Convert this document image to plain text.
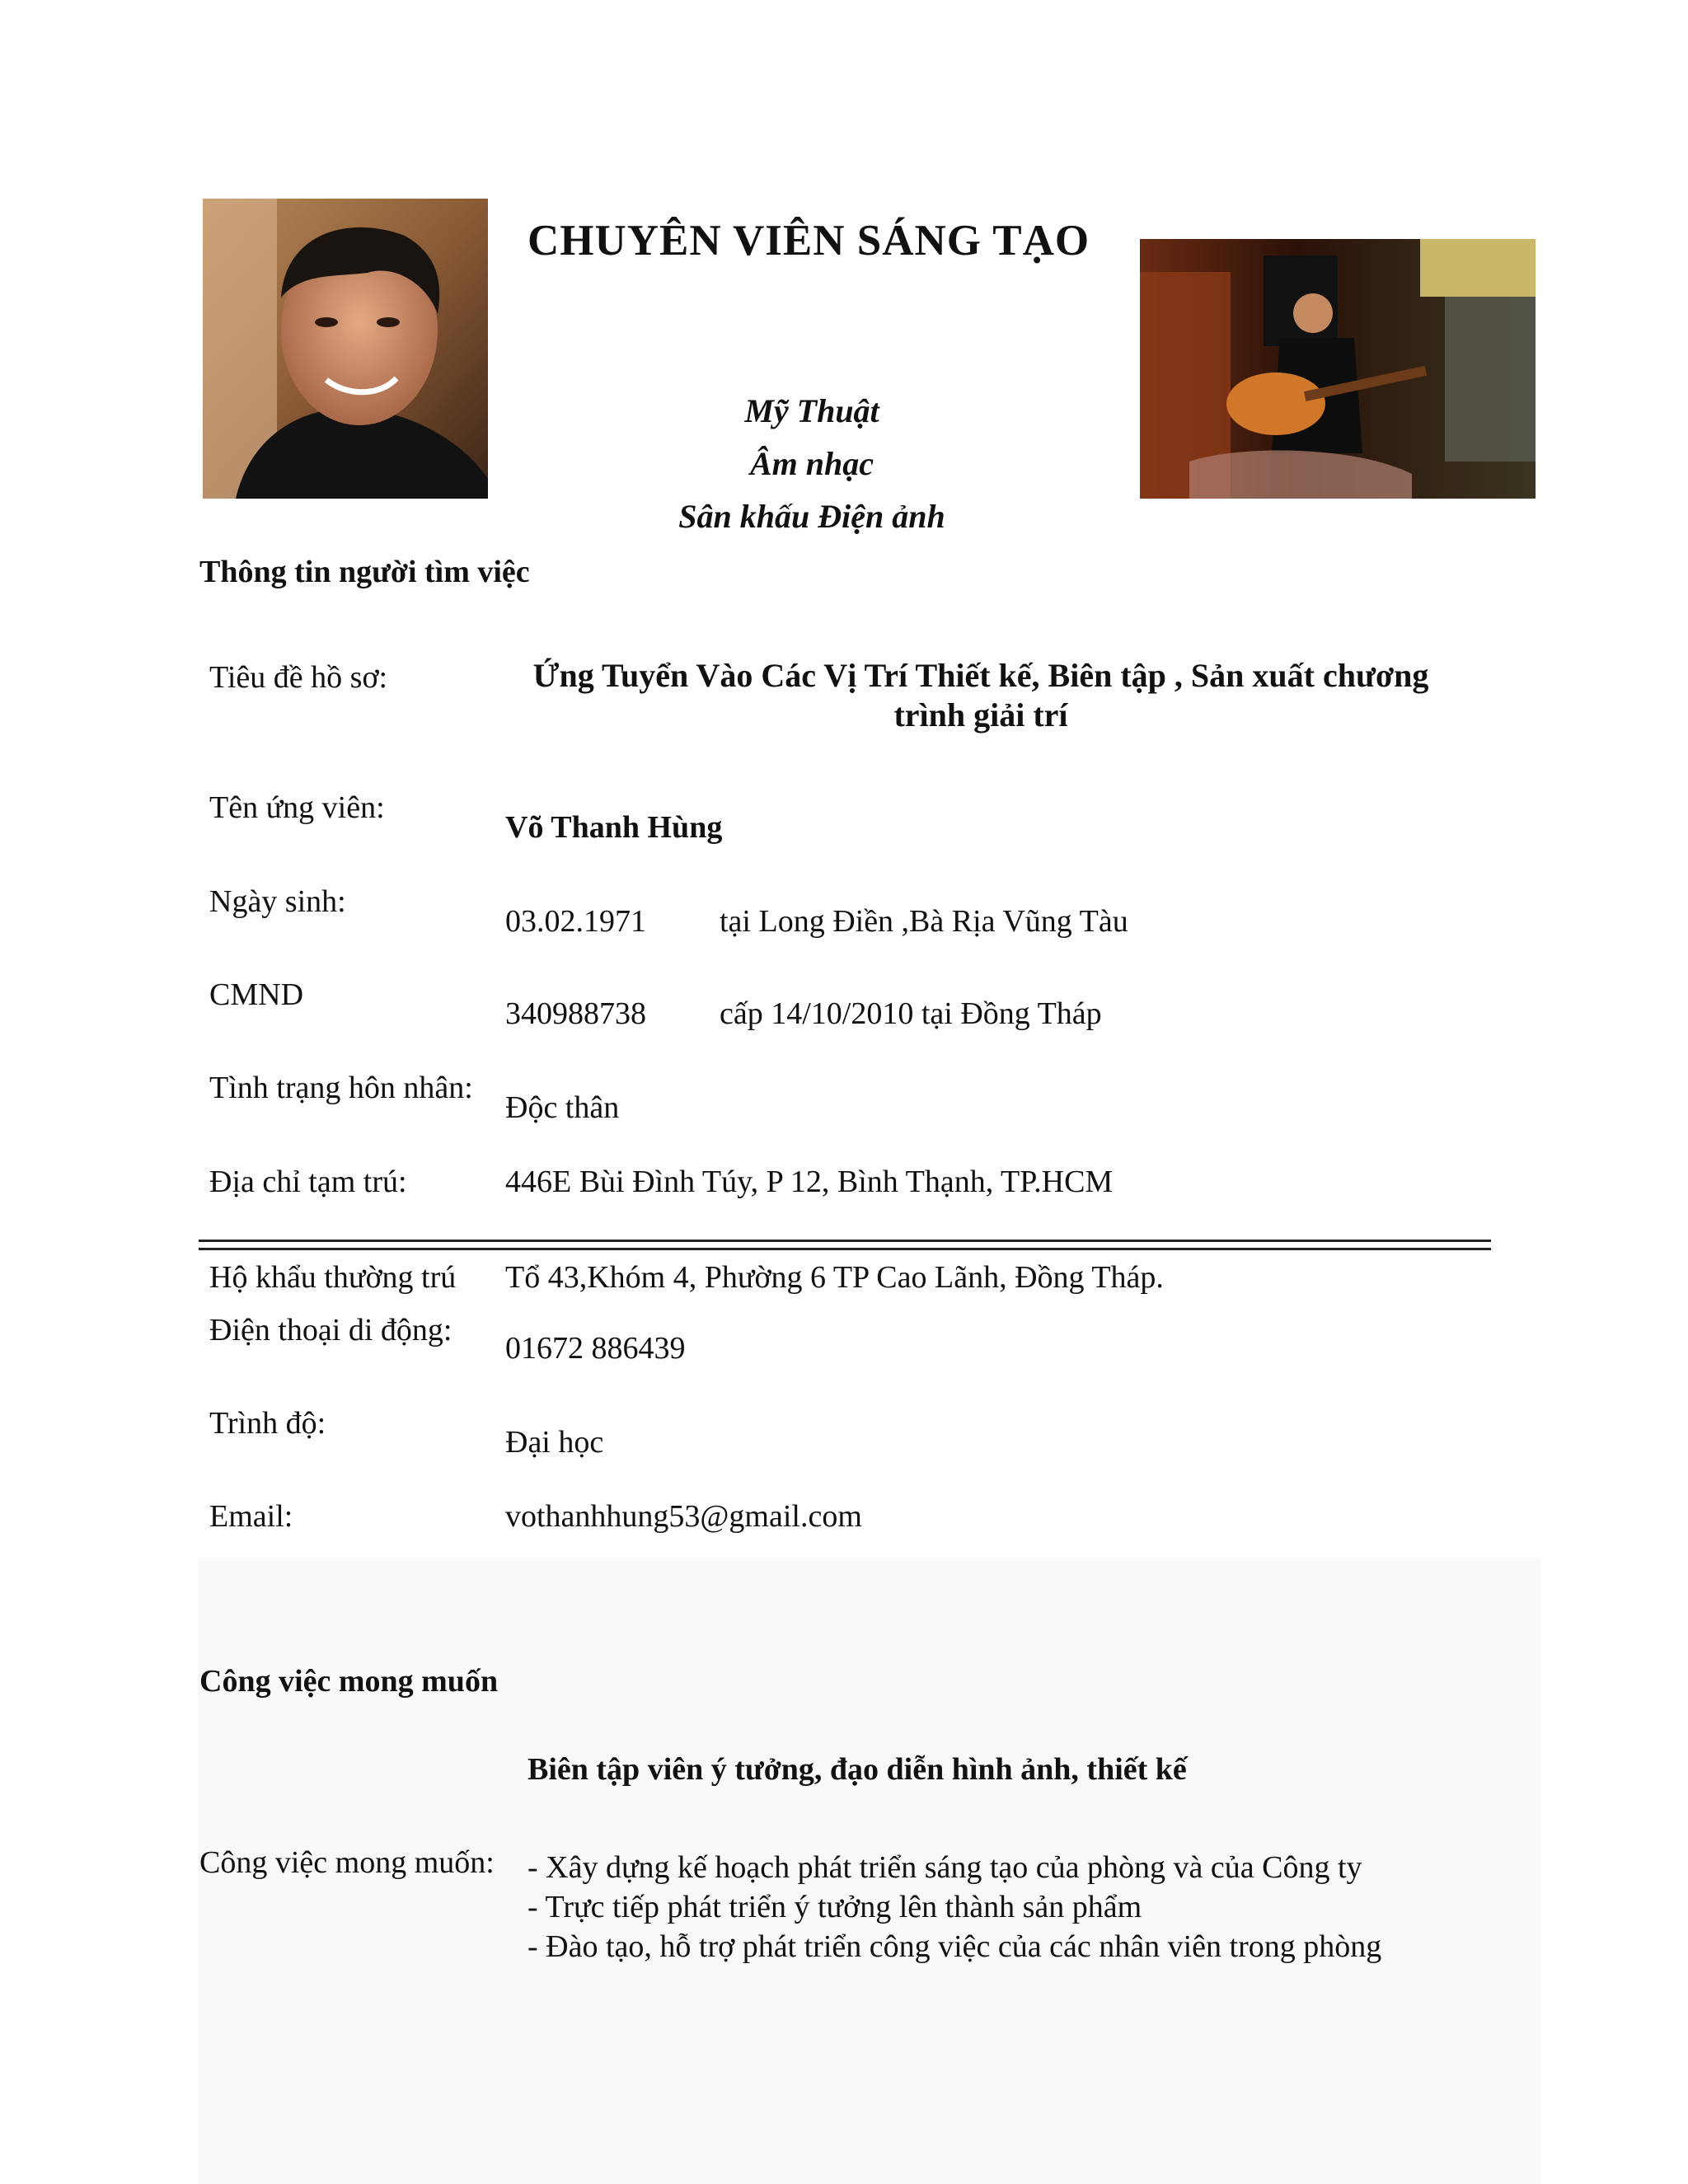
CHUYÊN VIÊN SÁNG TẠO
Mỹ Thuật
Âm nhạc
Sân khấu Điện ảnh
Thông tin người tìm việc
Tiêu đề hồ sơ:	Ứng Tuyển Vào Các Vị Trí Thiết kế, Biên tập , Sản xuất chương trình giải trí
Tên ứng viên:
Võ Thanh Hùng
Ngày sinh:
03.02.1971 tại Long Điền ,Bà Rịa Vũng Tàu
CMND
340988738 cấp 14/10/2010 tại Đồng Tháp
Tình trạng hôn nhân:
Độc thân
Địa chỉ tạm trú:	446E Bùi Đình Túy, P 12, Bình Thạnh, TP.HCM
Hộ khẩu thường trú Tổ 43,Khóm 4, Phường 6 TP Cao Lãnh, Đồng Tháp.
Điện thoại di động:
01672 886439
Trình độ:
Đại học
Email:	vothanhhung53@gmail.com
Công việc mong muốn
Biên tập viên ý tưởng, đạo diễn hình ảnh, thiết kế
Công việc mong muốn: - Xây dựng kế hoạch phát triển sáng tạo của phòng và của Công ty
- Trực tiếp phát triển ý tưởng lên thành sản phẩm
- Đào tạo, hỗ trợ phát triển công việc của các nhân viên trong phòng
